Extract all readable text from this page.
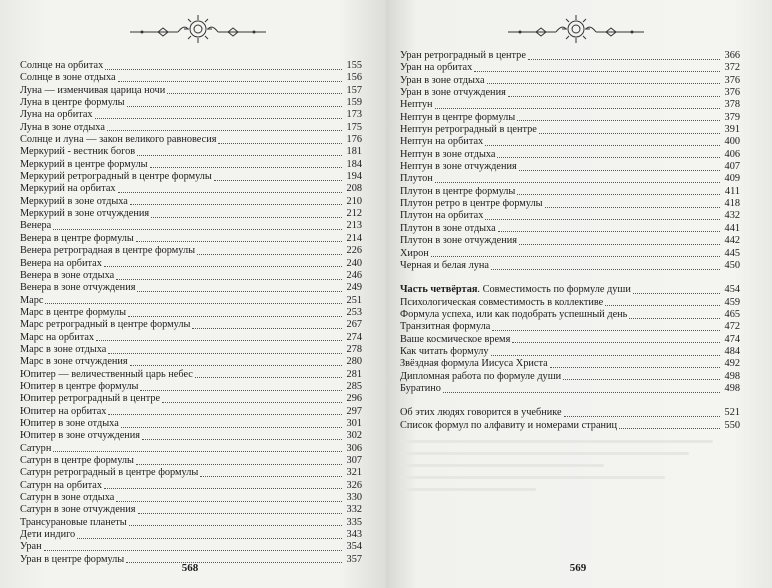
Солнце на орбитах	155
Солнце в зоне отдыха	156
Луна — изменчивая царица ночи	157
Луна в центре формулы	159
Луна на орбитах	173
Луна в зоне отдыха	175
Солнце и луна — закон великого равновесия	176
Меркурий - вестник богов	181
Меркурий в центре формулы	184
Меркурий ретроградный в центре формулы	194
Меркурий на орбитах	208
Меркурий в зоне отдыха	210
Меркурий в зоне отчуждения	212
Венера	213
Венера в центре формулы	214
Венера ретроградная в центре формулы	226
Венера на орбитах	240
Венера в зоне отдыха	246
Венера в зоне отчуждения	249
Марс	251
Марс в центре формулы	253
Марс ретроградный в центре формулы	267
Марс на орбитах	274
Марс в зоне отдыха	278
Марс в зоне отчуждения	280
Юпитер — величественный царь небес	281
Юпитер в центре формулы	285
Юпитер ретроградный в центре	296
Юпитер на орбитах	297
Юпитер в зоне отдыха	301
Юпитер в зоне отчуждения	302
Сатурн	306
Сатурн в центре формулы	307
Сатурн ретроградный в центре формулы	321
Сатурн на орбитах	326
Сатурн в зоне отдыха	330
Сатурн в зоне отчуждения	332
Трансурановые планеты	335
Дети индиго	343
Уран	354
Уран в центре формулы	357
568
Уран ретроградный в центре	366
Уран на орбитах	372
Уран в зоне отдыха	376
Уран в зоне отчуждения	376
Нептун	378
Нептун в центре формулы	379
Нептун ретроградный в центре	391
Нептун на орбитах	400
Нептун в зоне отдыха	406
Нептун в зоне отчуждения	407
Плутон	409
Плутон в центре формулы	411
Плутон ретро в центре формулы	418
Плутон на орбитах	432
Плутон в зоне отдыха	441
Плутон в зоне отчуждения	442
Хирон	445
Черная и белая луна	450
Часть четвёртая. Совместимость по формуле души	454
Психологическая совместимость в коллективе	459
Формула успеха, или как подобрать успешный день	465
Транзитная формула	472
Ваше космическое время	474
Как читать формулу	484
Звёздная формула Иисуса Христа	492
Дипломная работа по формуле души	498
Буратино	498
Об этих людях говорится в учебнике	521
Список формул по алфавиту и номерами страниц	550
569
